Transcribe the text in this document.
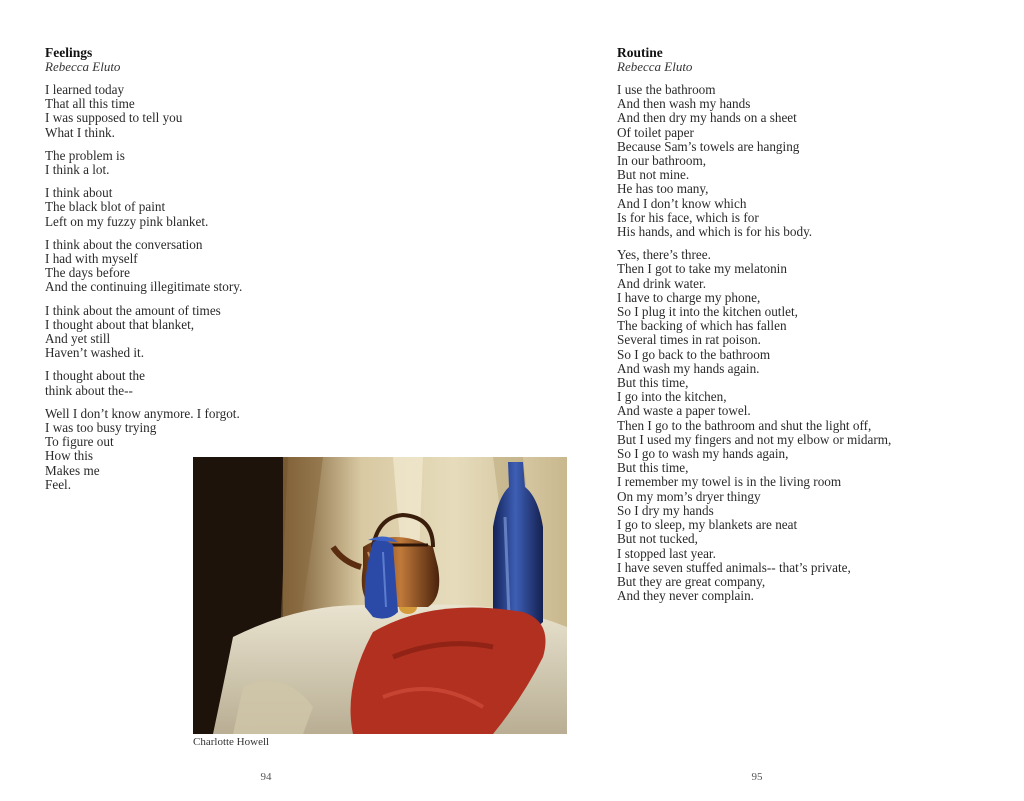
Feelings
Rebecca Eluto
I learned today
That all this time
I was supposed to tell you
What I think.
The problem is
I think a lot.
I think about
The black blot of paint
Left on my fuzzy pink blanket.
I think about the conversation
I had with myself
The days before
And the continuing illegitimate story.
I think about the amount of times
I thought about that blanket,
And yet still
Haven’t washed it.
I thought about the
think about the--
Well I don’t know anymore. I forgot.
I was too busy trying
To figure out
How this
Makes me
Feel.
94
Charlotte Howell
Routine
Rebecca Eluto
I use the bathroom
And then wash my hands
And then dry my hands on a sheet
Of toilet paper
Because Sam’s towels are hanging
In our bathroom,
But not mine.
He has too many,
And I don’t know which
Is for his face, which is for
His hands, and which is for his body.
Yes, there’s three.
Then I got to take my melatonin
And drink water.
I have to charge my phone,
So I plug it into the kitchen outlet,
The backing of which has fallen
Several times in rat poison.
So I go back to the bathroom
And wash my hands again.
But this time,
I go into the kitchen,
And waste a paper towel.
Then I go to the bathroom and shut the light off,
But I used my fingers and not my elbow or midarm,
So I go to wash my hands again,
But this time,
I remember my towel is in the living room
On my mom’s dryer thingy
So I dry my hands
I go to sleep, my blankets are neat
But not tucked,
I stopped last year.
I have seven stuffed animals-- that’s private,
But they are great company,
And they never complain.
95
